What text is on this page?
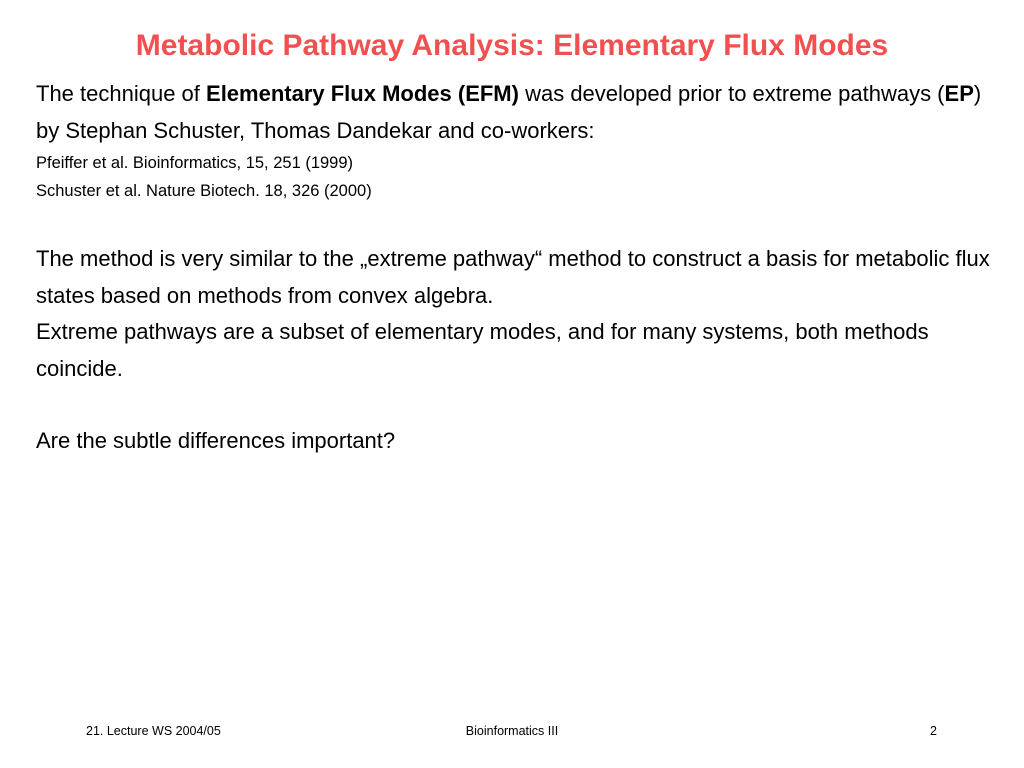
Metabolic Pathway Analysis: Elementary Flux Modes

The technique of Elementary Flux Modes (EFM) was developed prior to extreme pathways (EP) by Stephan Schuster, Thomas Dandekar and co-workers:

Pfeiffer et al. Bioinformatics, 15, 251 (1999)

Schuster et al. Nature Biotech. 18, 326 (2000)

The method is very similar to the „extreme pathway“ method to construct a basis for metabolic flux states based on methods from convex algebra.

Extreme pathways are a subset of elementary modes, and for many systems, both methods coincide.

Are the subtle differences important?

21. Lecture WS 2004/05	Bioinformatics III	2
